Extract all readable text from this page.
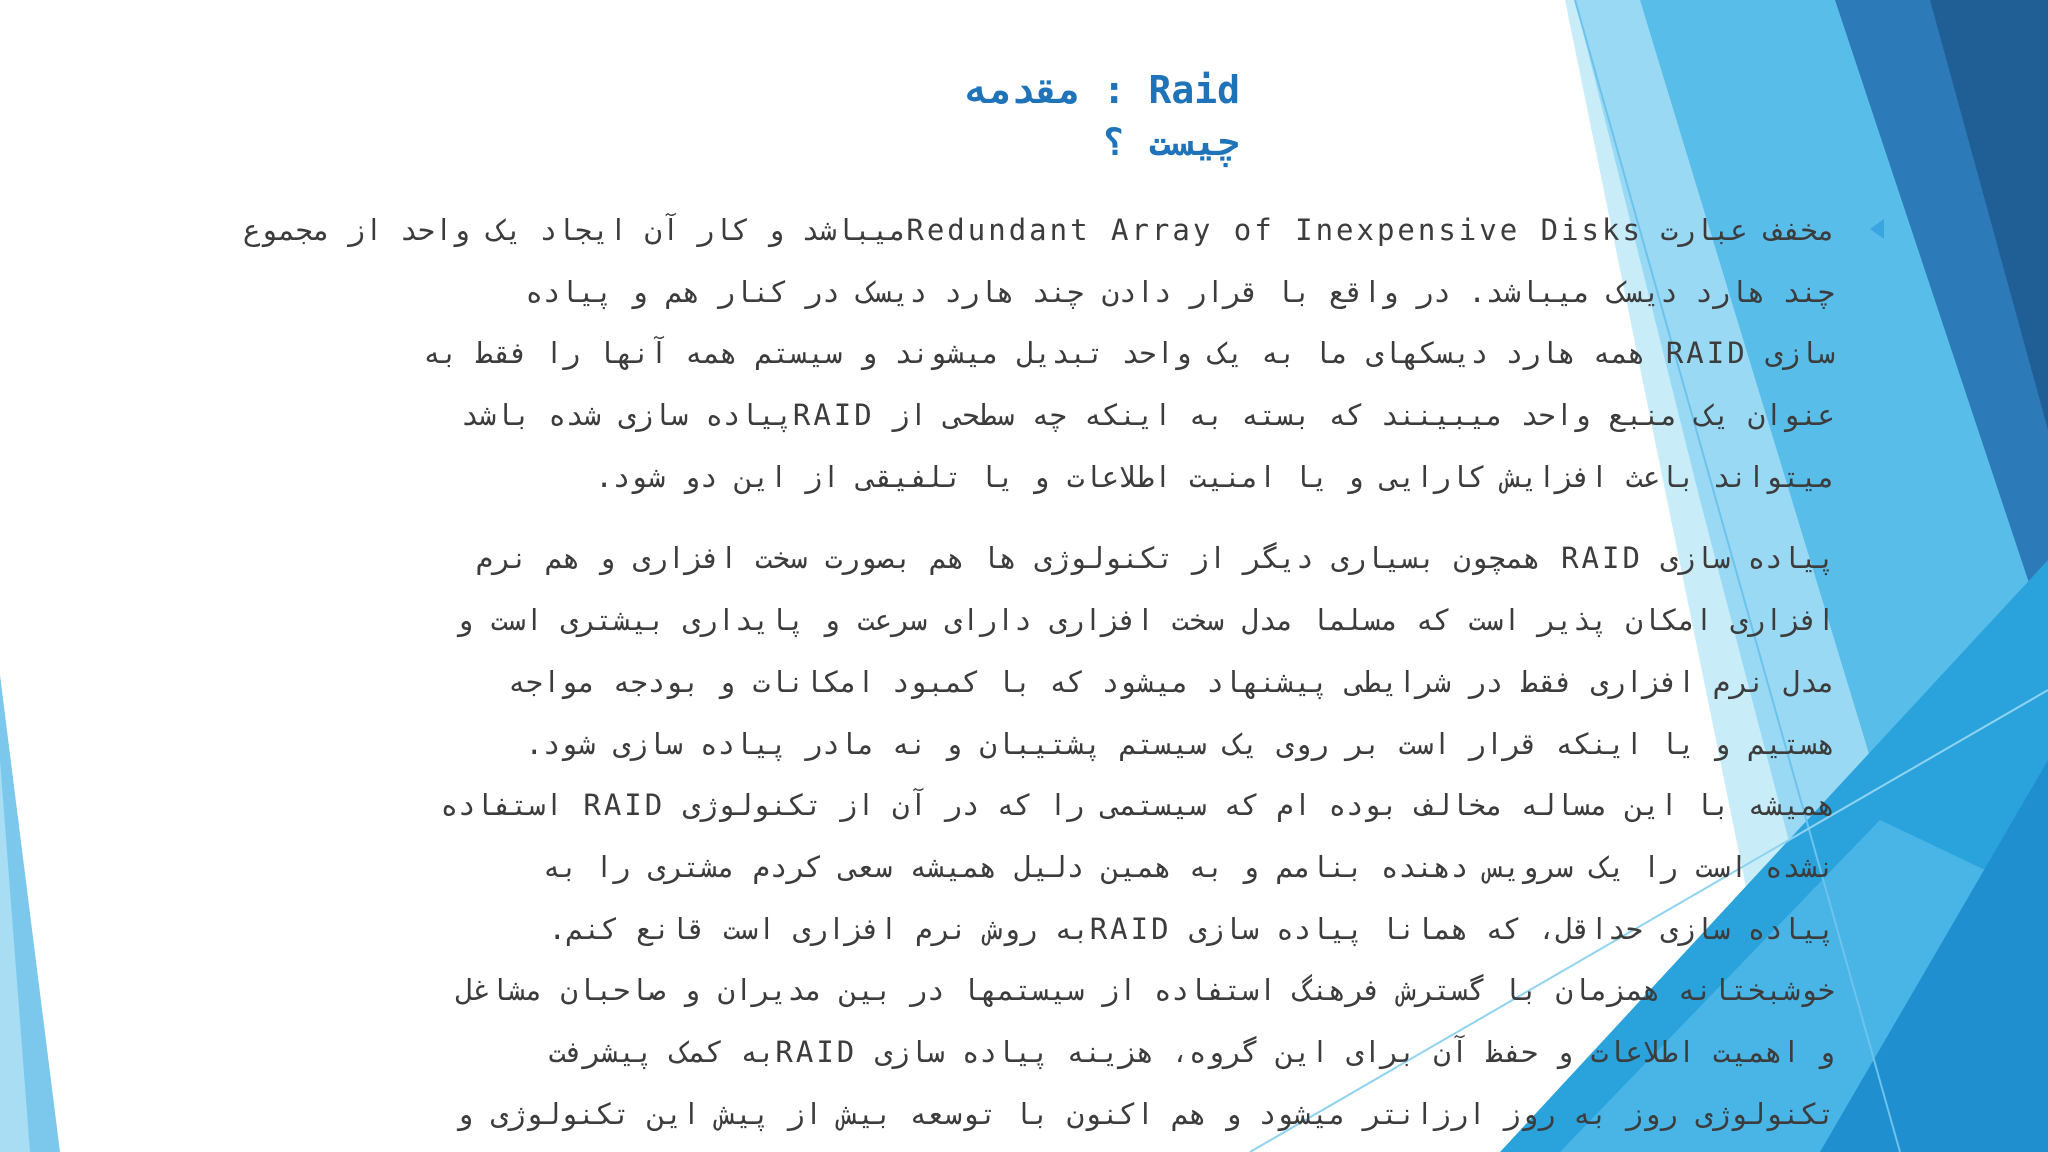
Raid : مقدمه
چیست ؟
مخفف عبارت Redundant Array of Inexpensive Disksمیباشد و کار آن ایجاد یک واحد از مجموع
چند هارد دیسک میباشد. در واقع با قرار دادن چند هارد دیسک در کنار هم و پیاده
سازی RAID همه هارد دیسکهای ما به یک واحد تبدیل میشوند و سیستم همه آنها را فقط به
عنوان یک منبع واحد میبینند که بسته به اینکه چه سطحی از RAIDپیاده سازی شده باشد
میتواند باعث افزایش کارایی و یا امنیت اطلاعات و یا تلفیقی از این دو شود.
پیاده سازی RAID همچون بسیاری دیگر از تکنولوژی ها هم بصورت سخت افزاری و هم نرم
افزاری امکان پذیر است که مسلما مدل سخت افزاری دارای سرعت و پایداری بیشتری است و
مدل نرم افزاری فقط در شرایطی پیشنهاد میشود که با کمبود امکانات و بودجه مواجه
هستیم و یا اینکه قرار است بر روی یک سیستم پشتیبان و نه مادر پیاده سازی شود.
همیشه با این مساله مخالف بوده ام که سیستمی را که در آن از تکنولوژی RAID استفاده
نشده است را یک سرویس دهنده بنامم و به همین دلیل همیشه سعی کردم مشتری را به
پیاده سازی حداقل، که همانا پیاده سازی RAIDبه روش نرم افزاری است قانع کنم.
خوشبختانه همزمان با گسترش فرهنگ استفاده از سیستمها در بین مدیران و صاحبان مشاغل
و اهمیت اطلاعات و حفظ آن برای این گروه، هزینه پیاده سازی RAIDبه کمک پیشرفت
تکنولوژی روز به روز ارزانتر میشود و هم اکنون با توسعه بیش از پیش این تکنولوژی و
